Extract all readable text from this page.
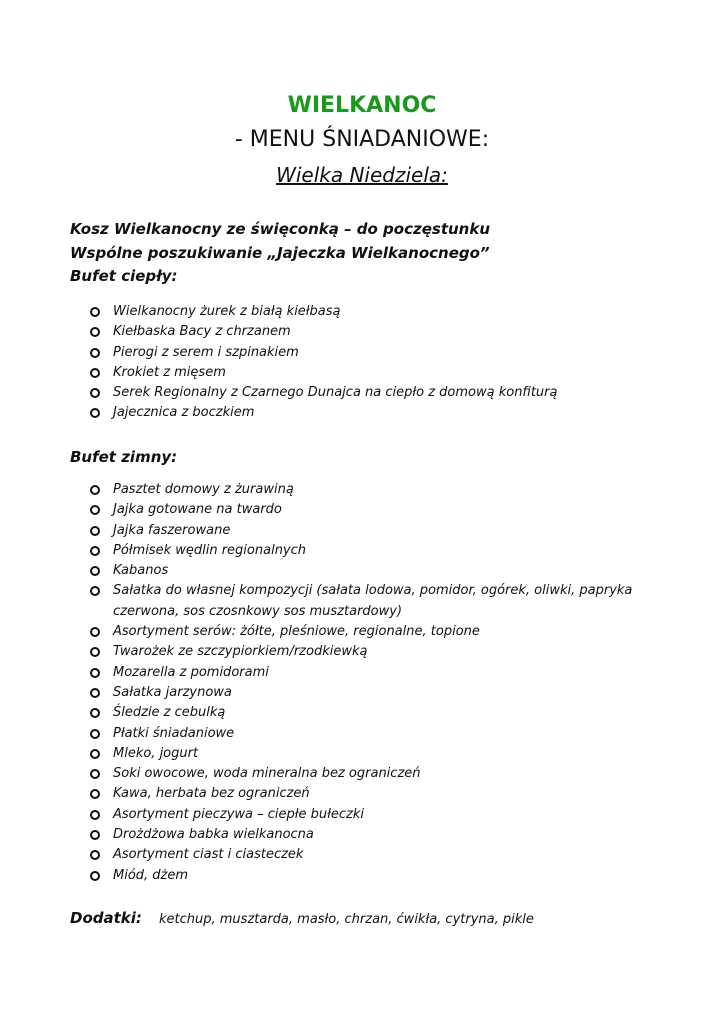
WIELKANOC
- MENU ŚNIADANIOWE:
Wielka Niedziela:
Kosz Wielkanocny ze święconką – do poczęstunku
Wspólne poszukiwanie „Jajeczka Wielkanocnego”
Bufet ciepły:
Wielkanocny żurek z białą kiełbasą
Kiełbaska Bacy z chrzanem
Pierogi z serem i szpinakiem
Krokiet z mięsem
Serek Regionalny z Czarnego Dunajca na ciepło z domową konfiturą
Jajecznica z boczkiem
Bufet zimny:
Pasztet domowy z żurawiną
Jajka gotowane na twardo
Jajka faszerowane
Półmisek wędlin regionalnych
Kabanos
Sałatka do własnej kompozycji (sałata lodowa, pomidor, ogórek, oliwki, papryka czerwona, sos czosnkowy sos musztardowy)
Asortyment serów: żółte, pleśniowe, regionalne, topione
Twarożek ze szczypiorkiem/rzodkiewką
Mozarella z pomidorami
Sałatka jarzynowa
Śledzie z cebulką
Płatki śniadaniowe
Mleko, jogurt
Soki owocowe, woda mineralna bez ograniczeń
Kawa, herbata bez ograniczeń
Asortyment pieczywa – ciepłe bułeczki
Drożdżowa babka wielkanocna
Asortyment ciast i ciasteczek
Miód, dżem
Dodatki: ketchup, musztarda, masło, chrzan, ćwikła, cytryna, pikle
